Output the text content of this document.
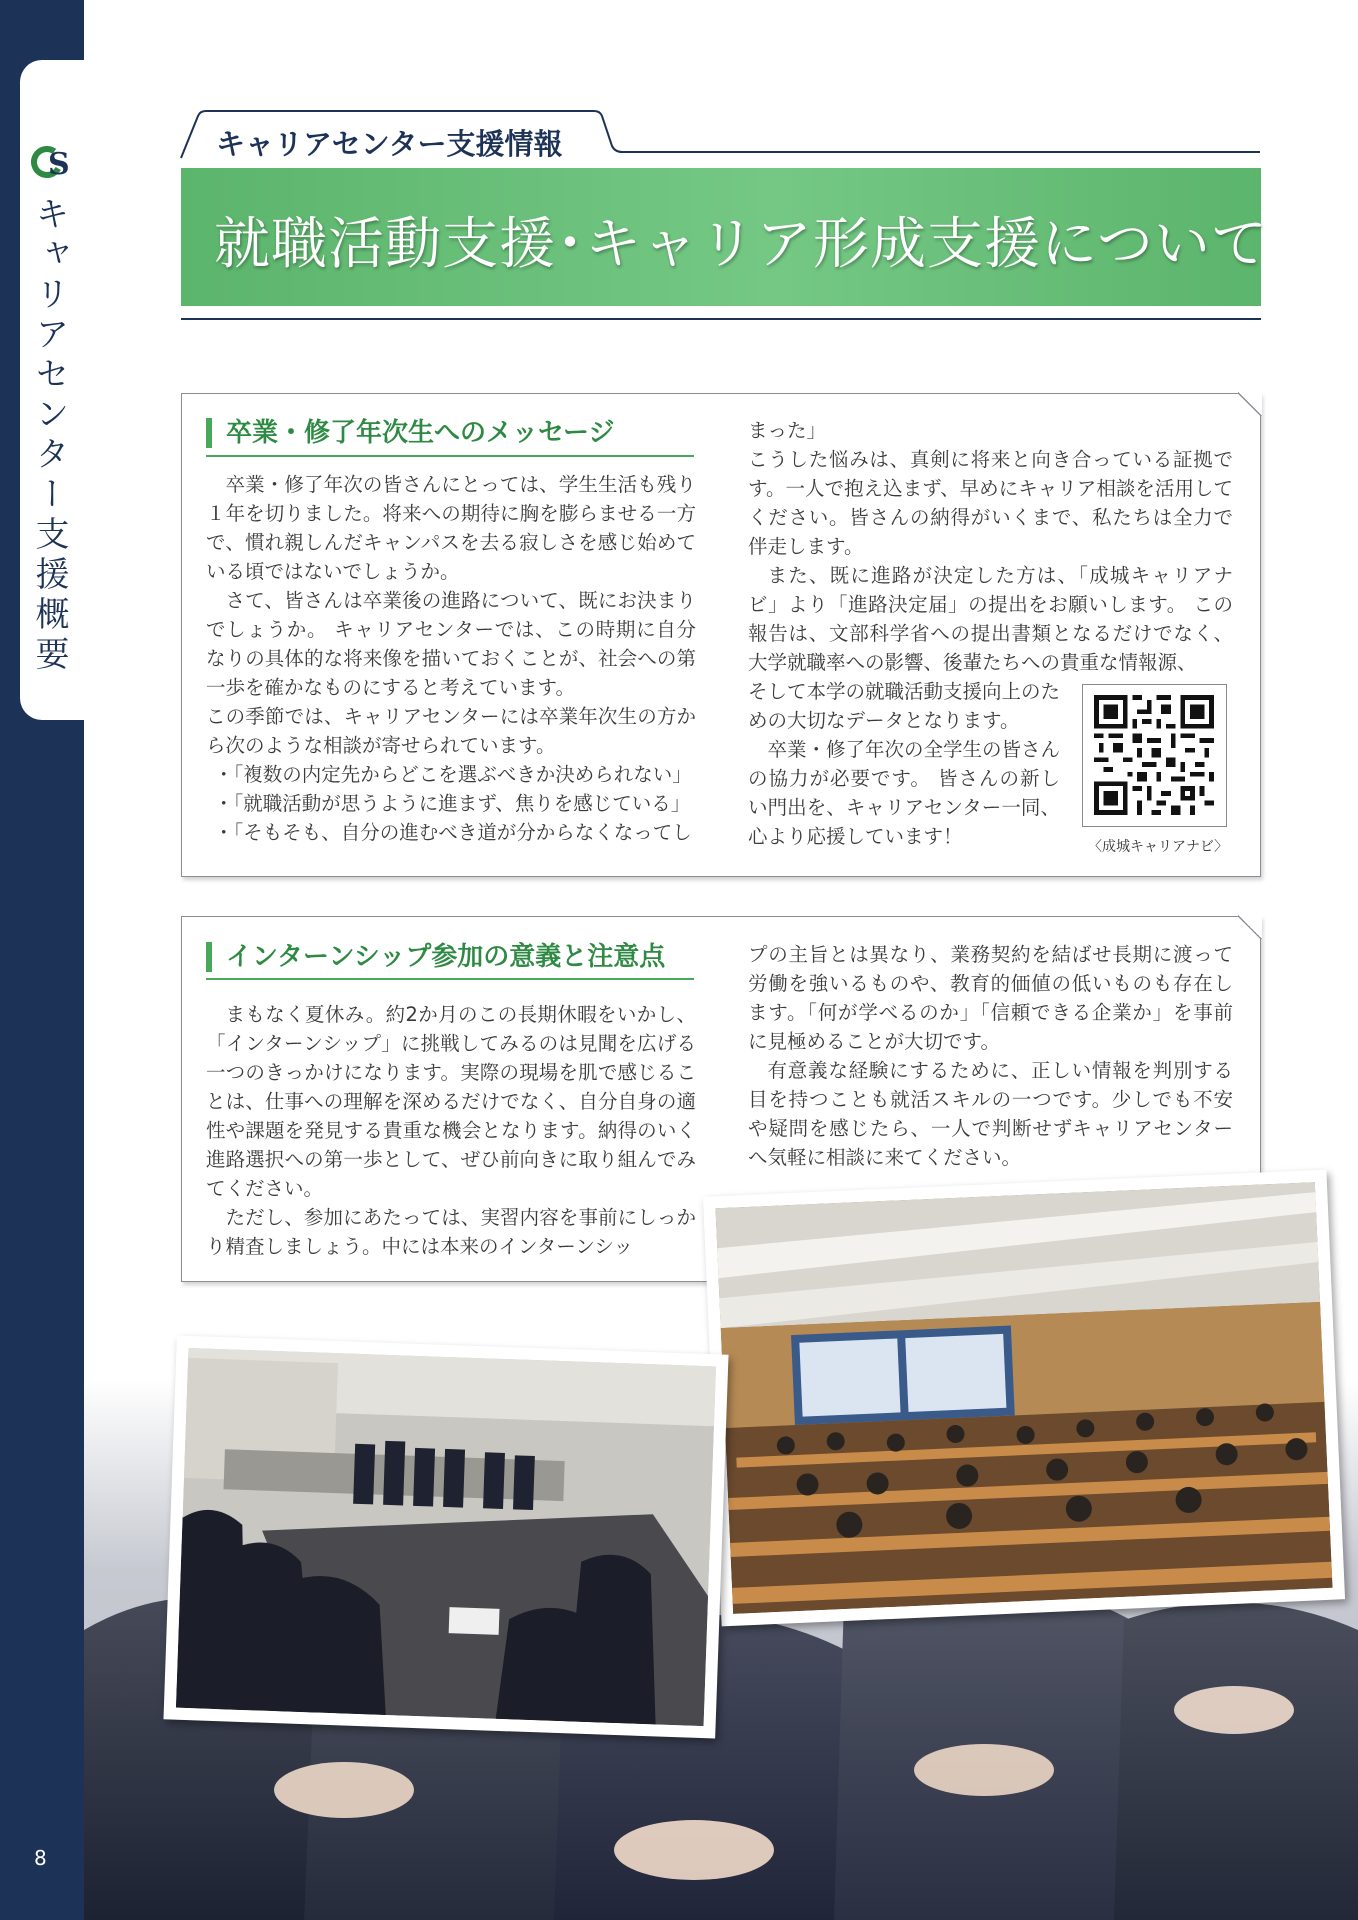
S
キャリアセンター支援概要
8
キャリアセンター支援情報
就職活動支援･キャリア形成支援について
卒業・修了年次生へのメッセージ

卒業・修了年次の皆さんにとっては、学生生活も残り１年を切りました。将来への期待に胸を膨らませる一方で、慣れ親しんだキャンパスを去る寂しさを感じ始めている頃ではないでしょうか。

さて、皆さんは卒業後の進路について、既にお決まりでしょうか。 キャリアセンターでは、この時期に自分なりの具体的な将来像を描いておくことが、社会への第一歩を確かなものにすると考えています。

この季節では、キャリアセンターには卒業年次生の方から次のような相談が寄せられています。

・「複数の内定先からどこを選ぶべきか決められない」

・「就職活動が思うように進まず、焦りを感じている」

・「そもそも、自分の進むべき道が分からなくなってし

まった」

こうした悩みは、真剣に将来と向き合っている証拠です。一人で抱え込まず、早めにキャリア相談を活用してください。皆さんの納得がいくまで、私たちは全力で伴走します。

また、既に進路が決定した方は、「成城キャリアナビ」より「進路決定届」の提出をお願いします。 この報告は、文部科学省への提出書類となるだけでなく、大学就職率への影響、後輩たちへの貴重な情報源、

そして本学の就職活動支援向上のための大切なデータとなります。

卒業・修了年次の全学生の皆さんの協力が必要です。 皆さんの新しい門出を、キャリアセンター一同、心より応援しています！	〈成城キャリアナビ〉
インターンシップ参加の意義と注意点

まもなく夏休み。約2か月のこの長期休暇をいかし、「インターンシップ」に挑戦してみるのは見聞を広げる一つのきっかけになります。実際の現場を肌で感じることは、仕事への理解を深めるだけでなく、自分自身の適性や課題を発見する貴重な機会となります。納得のいく進路選択への第一歩として、ぜひ前向きに取り組んでみてください。

ただし、参加にあたっては、実習内容を事前にしっかり精査しましょう。中には本来のインターンシッ

プの主旨とは異なり、業務契約を結ばせ長期に渡って労働を強いるものや、教育的価値の低いものも存在します。「何が学べるのか」「信頼できる企業か」を事前に見極めることが大切です。

有意義な経験にするために、正しい情報を判別する目を持つことも就活スキルの一つです。少しでも不安や疑問を感じたら、一人で判断せずキャリアセンターへ気軽に相談に来てください。
